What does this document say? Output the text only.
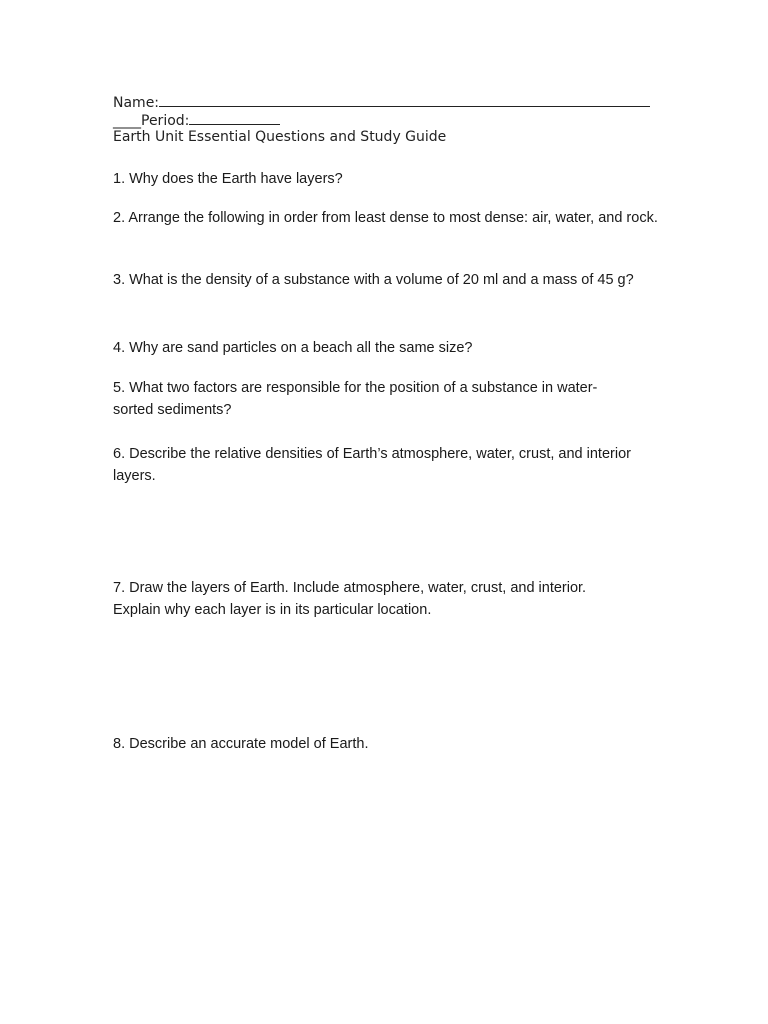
Name:
____Period:
Earth Unit Essential Questions and Study Guide
1. Why does the Earth have layers?
2. Arrange the following in order from least dense to most dense: air, water, and rock.
3. What is the density of a substance with a volume of 20 ml and a mass of 45 g?
4. Why are sand particles on a beach all the same size?
5. What two factors are responsible for the position of a substance in water-sorted sediments?
6. Describe the relative densities of Earth’s atmosphere, water, crust, and interior layers.
7. Draw the layers of Earth. Include atmosphere, water, crust, and interior. Explain why each layer is in its particular location.
8. Describe an accurate model of Earth.
